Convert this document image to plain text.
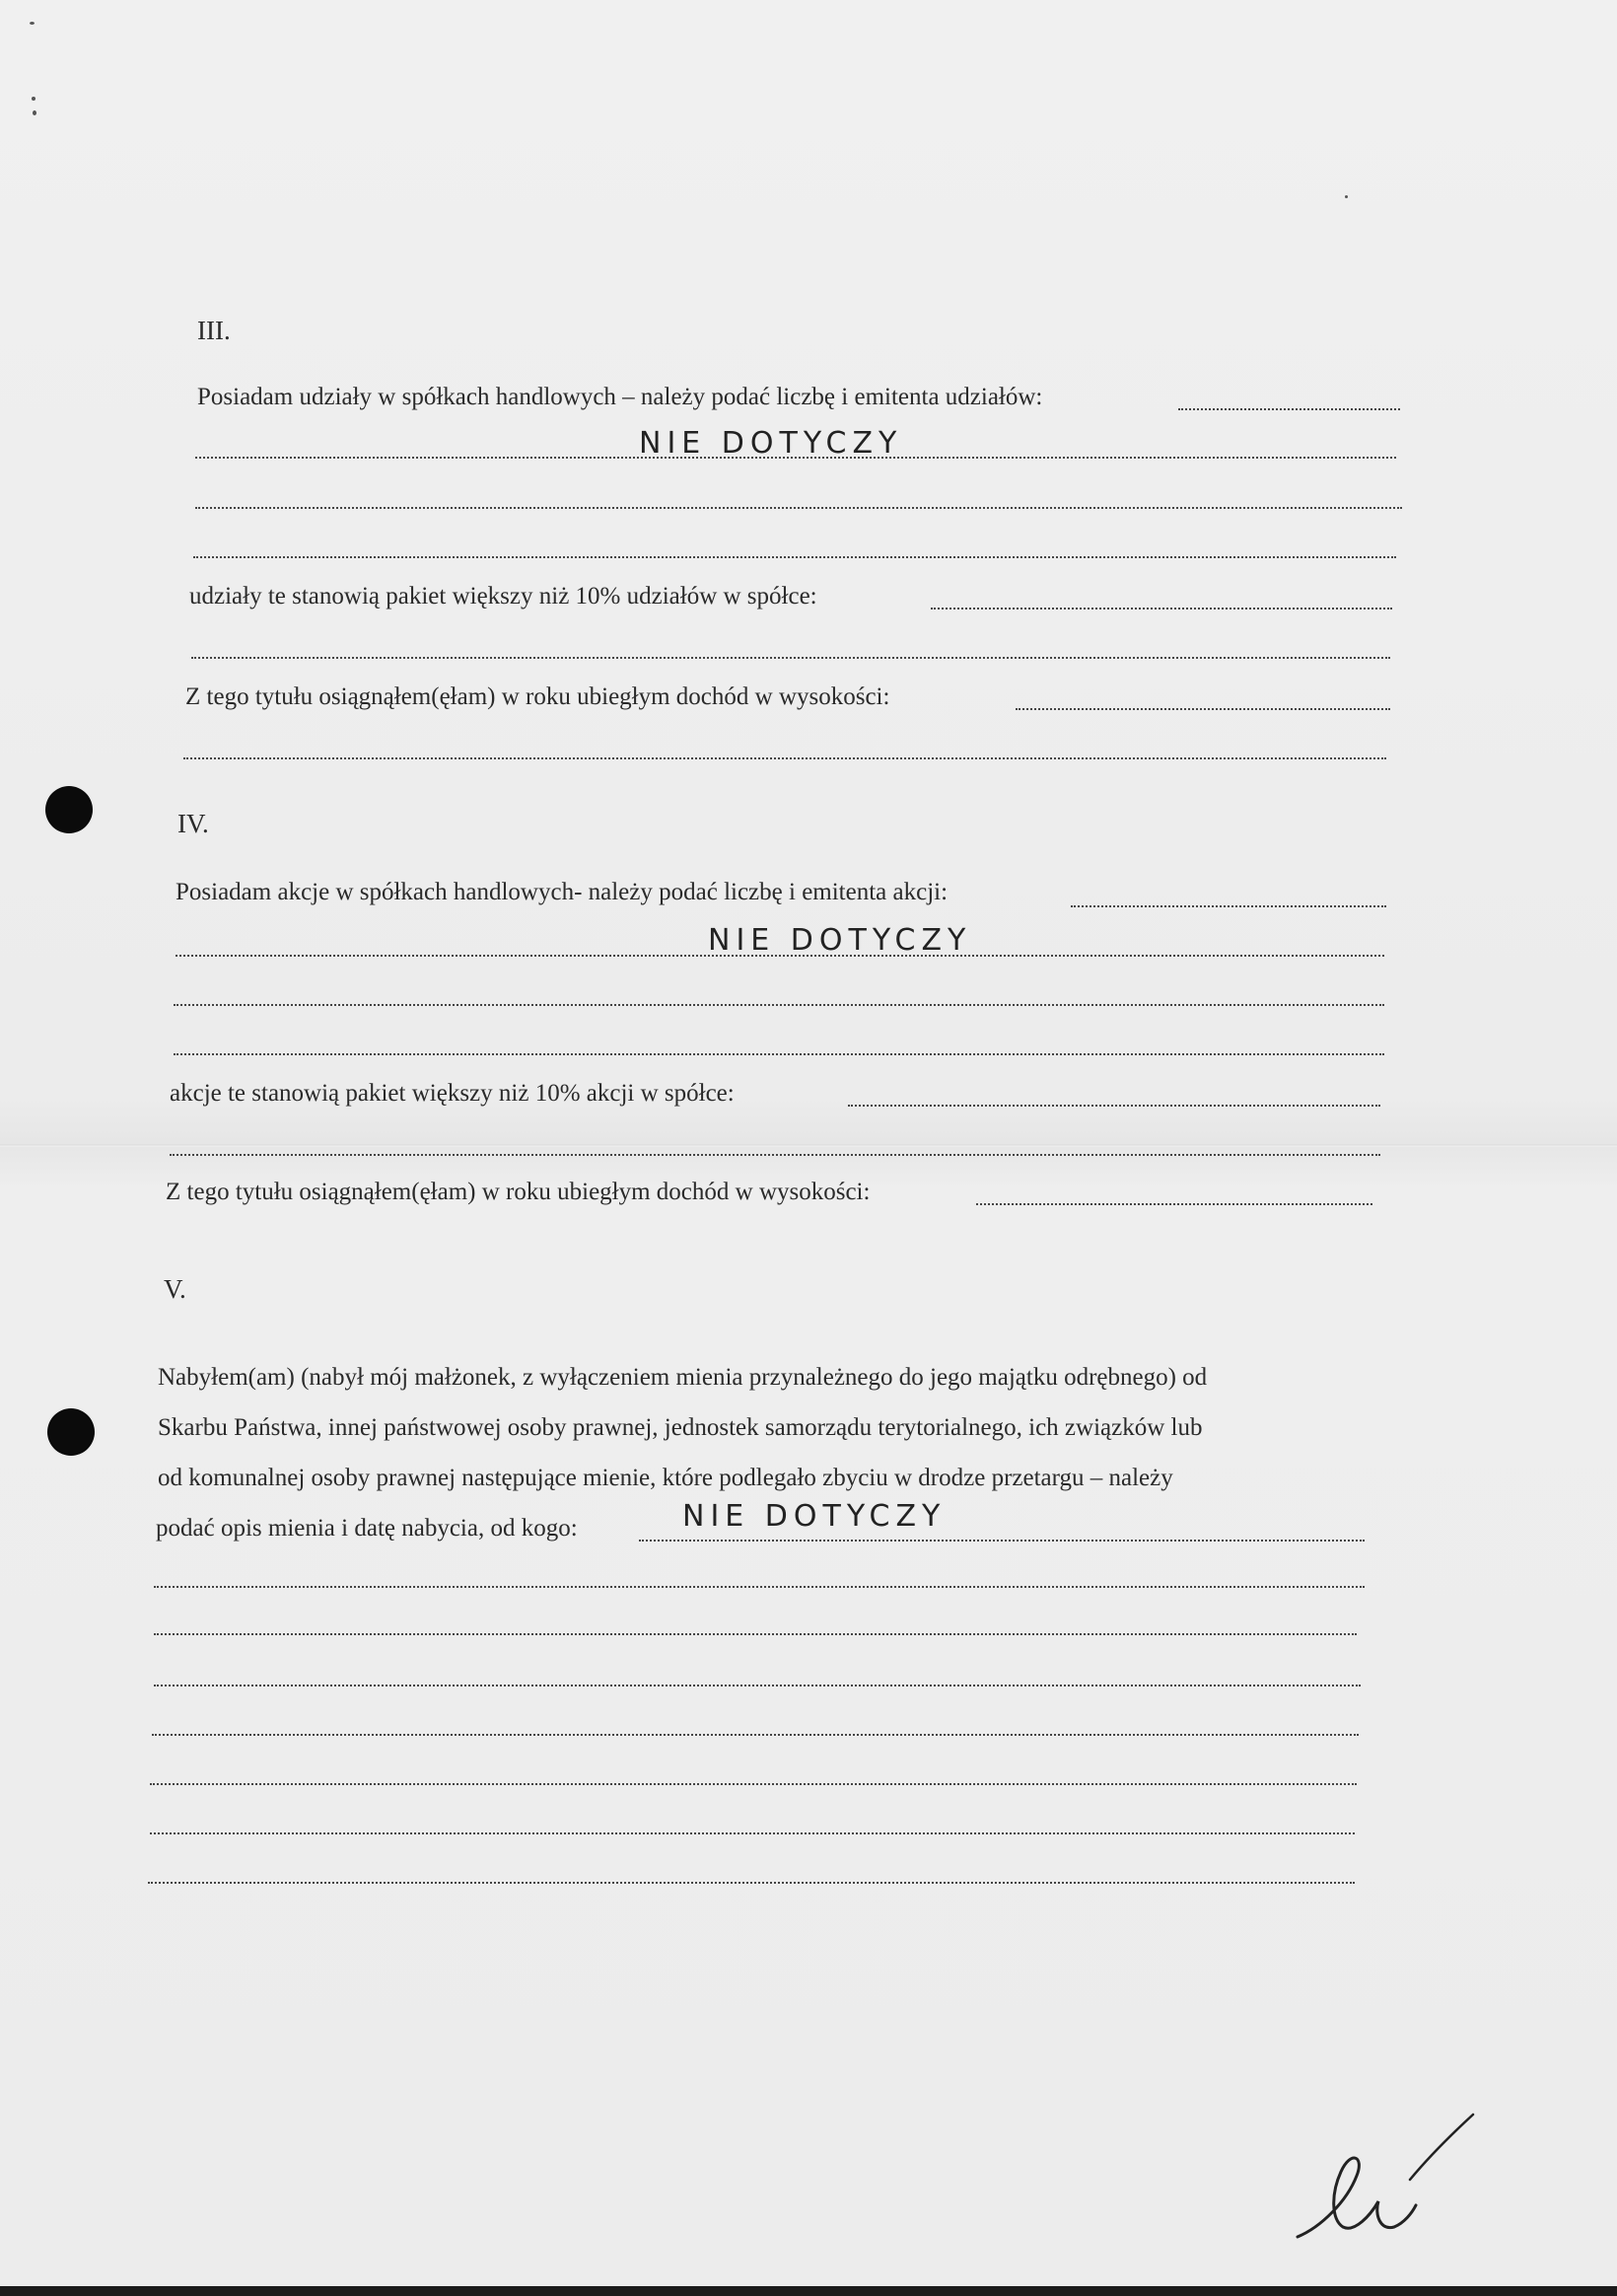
III.
Posiadam udziały w spółkach handlowych – należy podać liczbę i emitenta udziałów:
NIE DOTYCZY
udziały te stanowią pakiet większy niż 10% udziałów w spółce:
Z tego tytułu osiągnąłem(ęłam) w roku ubiegłym dochód w wysokości:
IV.
Posiadam akcje w spółkach handlowych- należy podać liczbę i emitenta akcji:
NIE DOTYCZY
akcje te stanowią pakiet większy niż 10% akcji w spółce:
Z tego tytułu osiągnąłem(ęłam) w roku ubiegłym dochód w wysokości:
V.
Nabyłem(am) (nabył mój małżonek, z wyłączeniem mienia przynależnego do jego majątku odrębnego) od
Skarbu Państwa, innej państwowej osoby prawnej, jednostek samorządu terytorialnego, ich związków lub
od komunalnej osoby prawnej następujące mienie, które podlegało zbyciu w drodze przetargu – należy
podać opis mienia i datę nabycia, od kogo:	NIE DOTYCZY
